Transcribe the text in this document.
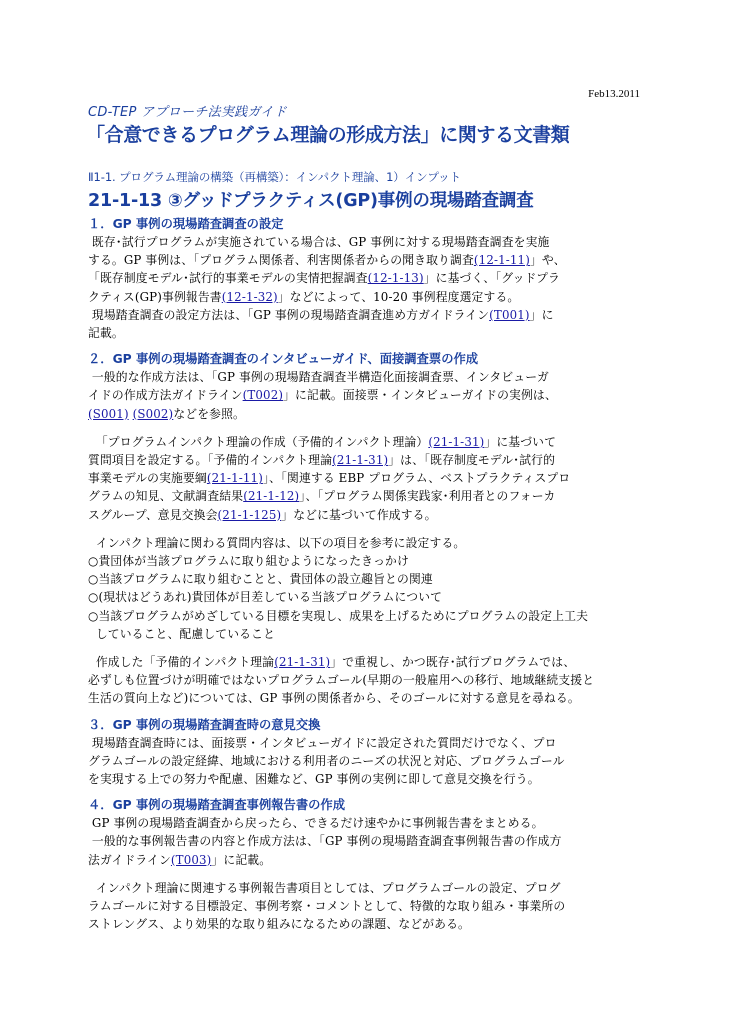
Feb13.2011
CD-TEP アプローチ法実践ガイド
「合意できるプログラム理論の形成方法」に関する文書類
Ⅱ1-1. プログラム理論の構築（再構築）：インパクト理論、1）インプット
21-1-13 ③グッドプラクティス(GP)事例の現場踏査調査
１．GP 事例の現場踏査調査の設定
既存･試行プログラムが実施されている場合は、GP 事例に対する現場踏査調査を実施
する。GP 事例は、「プログラム関係者、利害関係者からの聞き取り調査(12-1-11)」や、
「既存制度モデル･試行的事業モデルの実情把握調査(12-1-13)」に基づく、「グッドプラ
クティス(GP)事例報告書(12-1-32)」などによって、10-20 事例程度選定する。
現場踏査調査の設定方法は、「GP 事例の現場踏査調査進め方ガイドライン(T001)」に
記載。
２．GP 事例の現場踏査調査のインタビューガイド、面接調査票の作成
一般的な作成方法は、「GP 事例の現場踏査調査半構造化面接調査票、インタビューガ
イドの作成方法ガイドライン(T002)」に記載。面接票・インタビューガイドの実例は、
(S001) (S002)などを参照。
「プログラムインパクト理論の作成（予備的インパクト理論）(21-1-31)」に基づいて
質問項目を設定する。「予備的インパクト理論(21-1-31)」は、「既存制度モデル･試行的
事業モデルの実施要綱(21-1-11)」、「関連する EBP プログラム、ベストプラクティスプロ
グラムの知見、文献調査結果(21-1-12)」、「プログラム関係実践家･利用者とのフォーカ
スグループ、意見交換会(21-1-125)」などに基づいて作成する。
インパクト理論に関わる質問内容は、以下の項目を参考に設定する。
○貴団体が当該プログラムに取り組むようになったきっかけ
○当該プログラムに取り組むことと、貴団体の設立趣旨との関連
○(現状はどうあれ)貴団体が目差している当該プログラムについて
○当該プログラムがめざしている目標を実現し、成果を上げるためにプログラムの設定上工夫
していること、配慮していること
作成した「予備的インパクト理論(21-1-31)」で重視し、かつ既存･試行プログラムでは、
必ずしも位置づけが明確ではないプログラムゴール(早期の一般雇用への移行、地域継続支援と
生活の質向上など)については、GP 事例の関係者から、そのゴールに対する意見を尋ねる。
３．GP 事例の現場踏査調査時の意見交換
現場踏査調査時には、面接票・インタビューガイドに設定された質問だけでなく、プロ
グラムゴールの設定経緯、地域における利用者のニーズの状況と対応、プログラムゴール
を実現する上での努力や配慮、困難など、GP 事例の実例に即して意見交換を行う。
４．GP 事例の現場踏査調査事例報告書の作成
GP 事例の現場踏査調査から戻ったら、できるだけ速やかに事例報告書をまとめる。
一般的な事例報告書の内容と作成方法は、「GP 事例の現場踏査調査事例報告書の作成方
法ガイドライン(T003)」に記載。
インパクト理論に関連する事例報告書項目としては、プログラムゴールの設定、プログ
ラムゴールに対する目標設定、事例考察・コメントとして、特徴的な取り組み・事業所の
ストレングス、より効果的な取り組みになるための課題、などがある。
